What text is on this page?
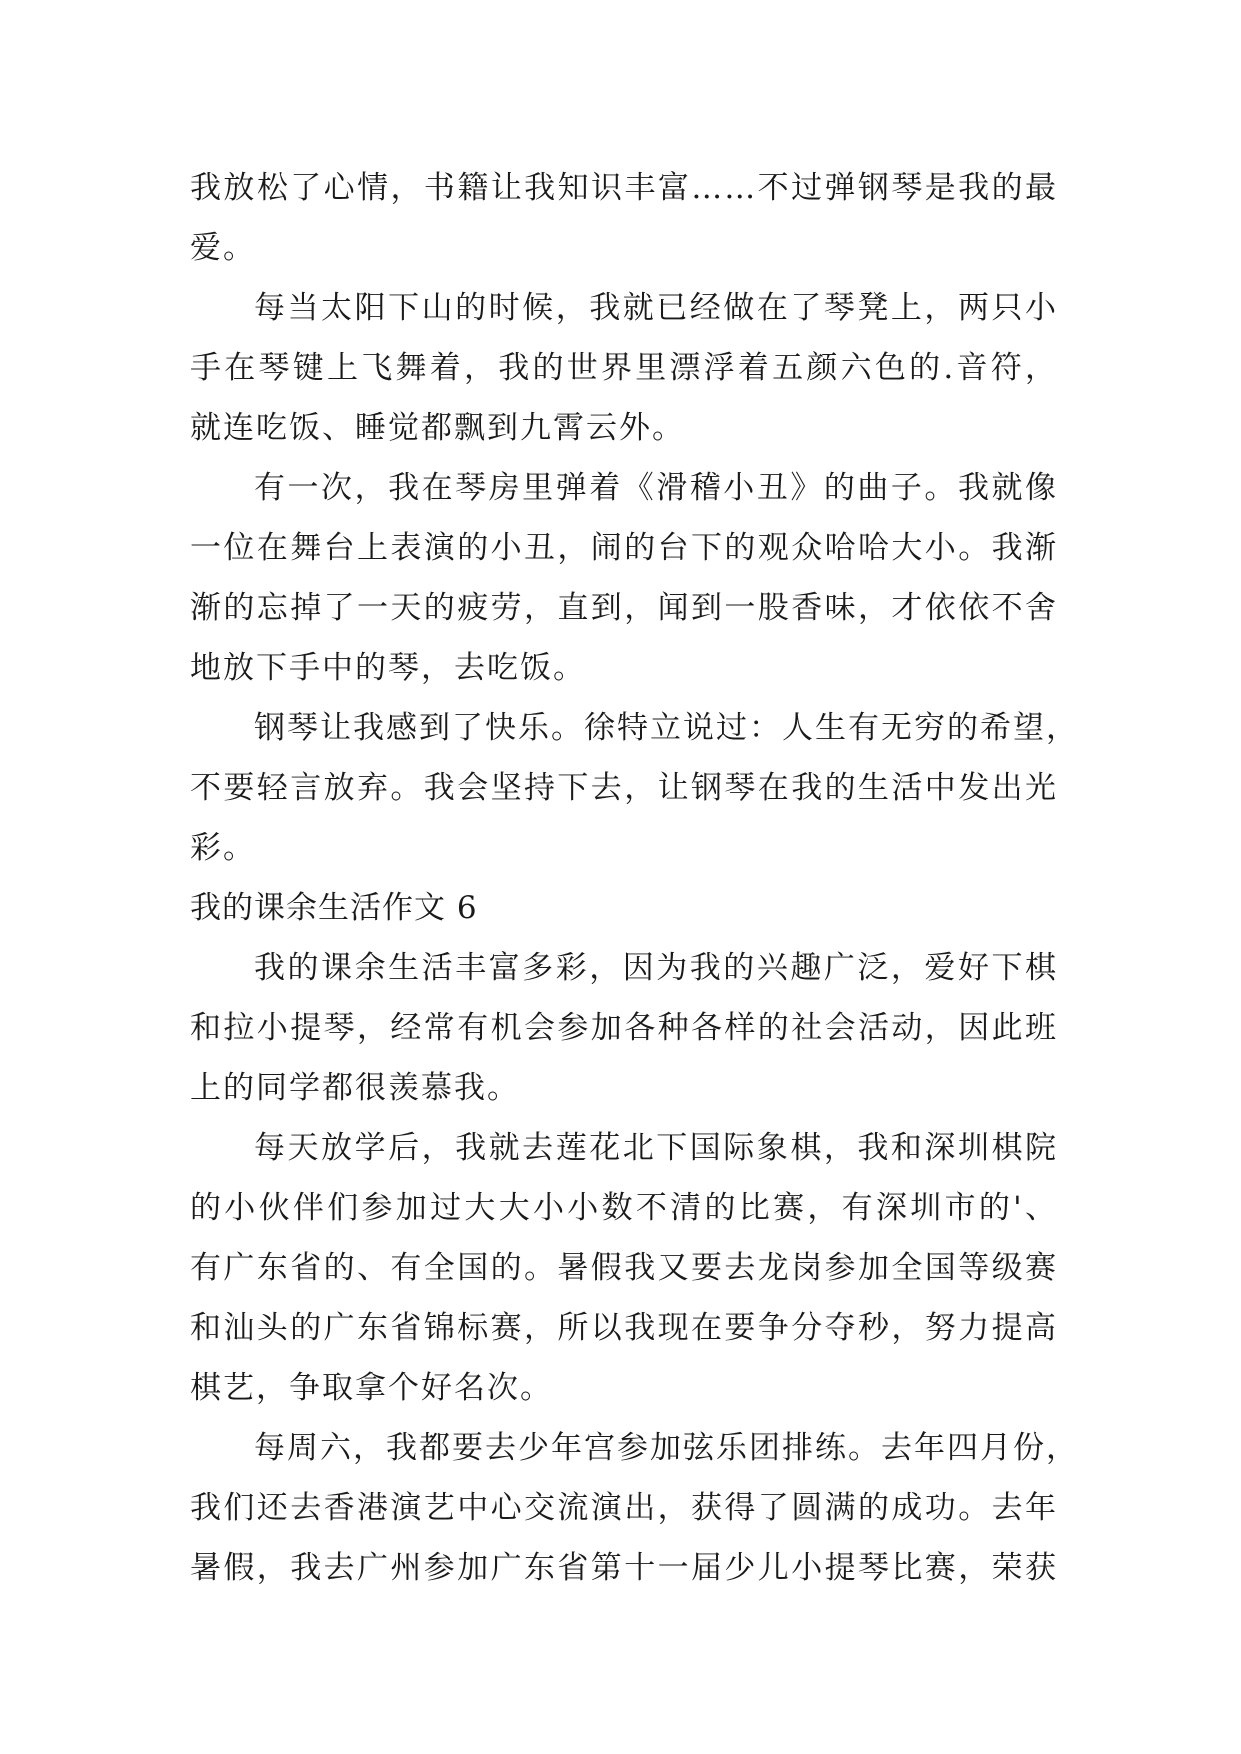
我放松了心情，书籍让我知识丰富……不过弹钢琴是我的最
爱。
每当太阳下山的时候，我就已经做在了琴凳上，两只小
手在琴键上飞舞着，我的世界里漂浮着五颜六色的.音符，
就连吃饭、睡觉都飘到九霄云外。
有一次，我在琴房里弹着《滑稽小丑》的曲子。我就像
一位在舞台上表演的小丑，闹的台下的观众哈哈大小。我渐
渐的忘掉了一天的疲劳，直到，闻到一股香味，才依依不舍
地放下手中的琴，去吃饭。
钢琴让我感到了快乐。徐特立说过：人生有无穷的希望，
不要轻言放弃。我会坚持下去，让钢琴在我的生活中发出光
彩。
我的课余生活作文 6
我的课余生活丰富多彩，因为我的兴趣广泛，爱好下棋
和拉小提琴，经常有机会参加各种各样的社会活动，因此班
上的同学都很羡慕我。
每天放学后，我就去莲花北下国际象棋，我和深圳棋院
的小伙伴们参加过大大小小数不清的比赛，有深圳市的'、
有广东省的、有全国的。暑假我又要去龙岗参加全国等级赛
和汕头的广东省锦标赛，所以我现在要争分夺秒，努力提高
棋艺，争取拿个好名次。
每周六，我都要去少年宫参加弦乐团排练。去年四月份，
我们还去香港演艺中心交流演出，获得了圆满的成功。去年
暑假，我去广州参加广东省第十一届少儿小提琴比赛，荣获
